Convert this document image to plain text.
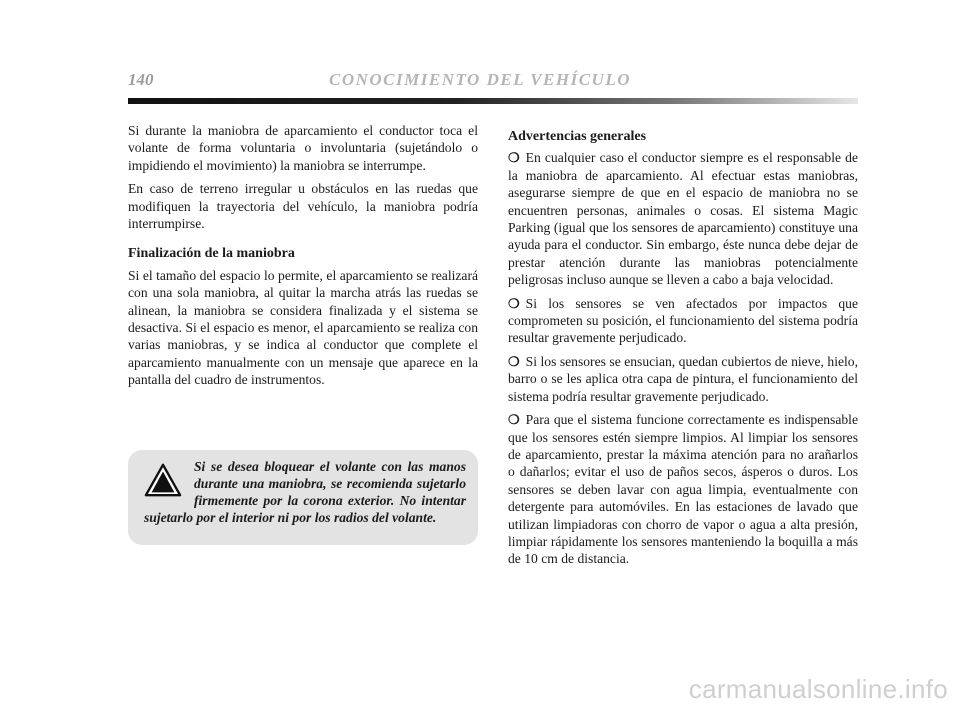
140	CONOCIMIENTO DEL VEHÍCULO

Si durante la maniobra de aparcamiento el conductor toca el volante de forma voluntaria o involuntaria (sujetándolo o impidiendo el movimiento) la maniobra se interrumpe.

En caso de terreno irregular u obstáculos en las ruedas que modifiquen la trayectoria del vehículo, la maniobra podría interrumpirse.

Finalización de la maniobra

Si el tamaño del espacio lo permite, el aparcamiento se realizará con una sola maniobra, al quitar la marcha atrás las ruedas se alinean, la maniobra se considera finalizada y el sistema se desactiva. Si el espacio es menor, el aparcamiento se realiza con varias maniobras, y se indica al conductor que complete el aparcamiento manualmente con un mensaje que aparece en la pantalla del cuadro de instrumentos.

Si se desea bloquear el volante con las manos durante una maniobra, se recomienda sujetarlo firmemente por la corona exterior. No intentar sujetarlo por el interior ni por los radios del volante.
Advertencias generales

❍ En cualquier caso el conductor siempre es el responsable de la maniobra de aparcamiento. Al efectuar estas maniobras, asegurarse siempre de que en el espacio de maniobra no se encuentren personas, animales o cosas. El sistema Magic Parking (igual que los sensores de aparcamiento) constituye una ayuda para el conductor. Sin embargo, éste nunca debe dejar de prestar atención durante las maniobras potencialmente peligrosas incluso aunque se lleven a cabo a baja velocidad.

❍ Si los sensores se ven afectados por impactos que comprometen su posición, el funcionamiento del sistema podría resultar gravemente perjudicado.

❍ Si los sensores se ensucian, quedan cubiertos de nieve, hielo, barro o se les aplica otra capa de pintura, el funcionamiento del sistema podría resultar gravemente perjudicado.

❍ Para que el sistema funcione correctamente es indispensable que los sensores estén siempre limpios. Al limpiar los sensores de aparcamiento, prestar la máxima atención para no arañarlos o dañarlos; evitar el uso de paños secos, ásperos o duros. Los sensores se deben lavar con agua limpia, eventualmente con detergente para automóviles. En las estaciones de lavado que utilizan limpiadoras con chorro de vapor o agua a alta presión, limpiar rápidamente los sensores manteniendo la boquilla a más de 10 cm de distancia.

carmanualsonline.info
